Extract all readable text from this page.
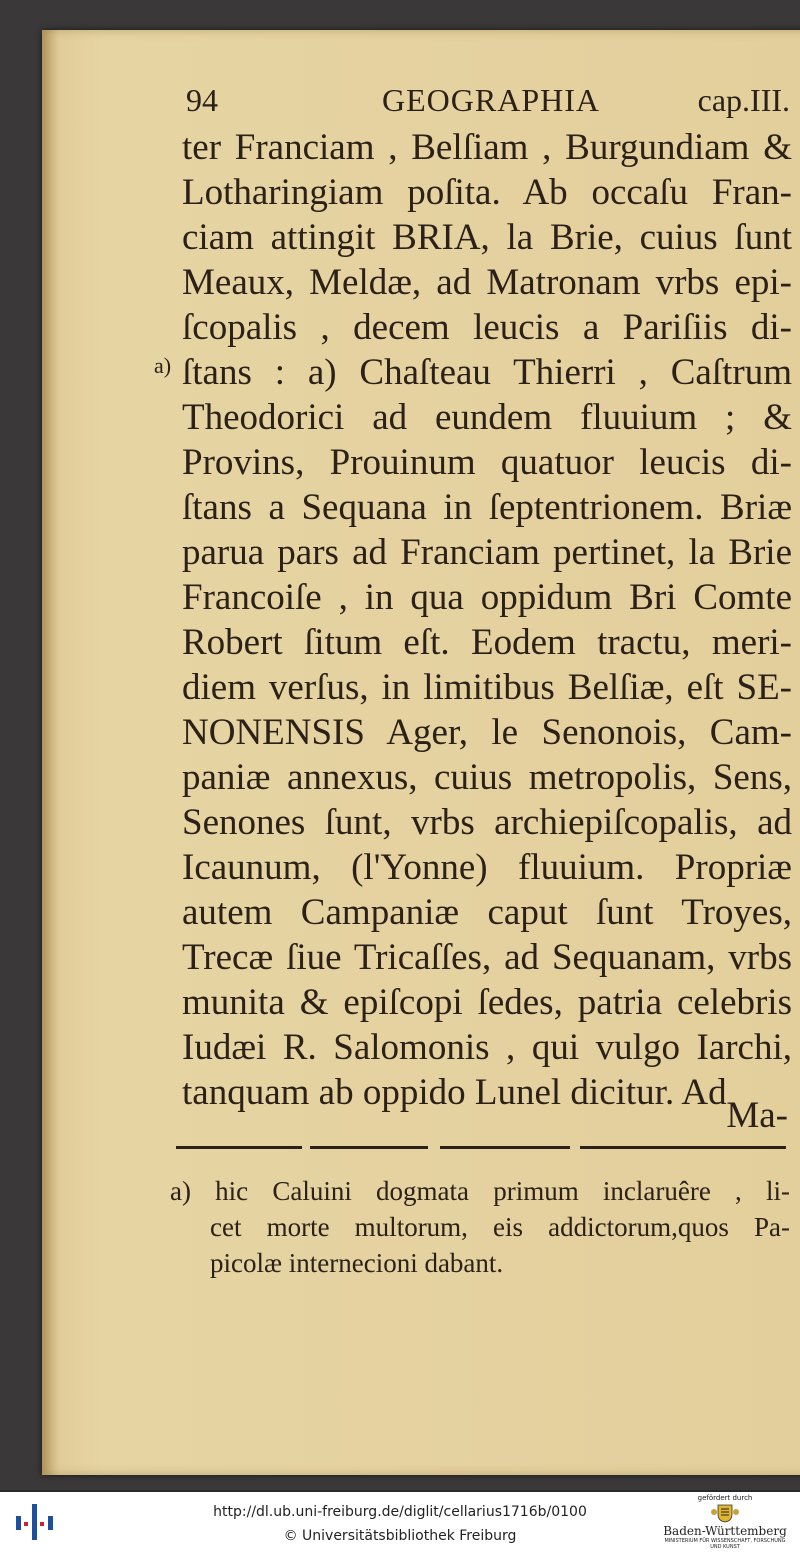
94	GEOGRAPHIA	cap.III.
a)
ter Franciam , Belſiam , Burgundiam &
Lotharingiam poſita. Ab occaſu Fran-
ciam attingit BRIA, la Brie, cuius ſunt
Meaux, Meldæ, ad Matronam vrbs epi-
ſcopalis , decem leucis a Pariſiis di-
ſtans : a) Chaſteau Thierri , Caſtrum
Theodorici ad eundem fluuium ; &
Provins, Prouinum quatuor leucis di-
ſtans a Sequana in ſeptentrionem. Briæ
parua pars ad Franciam pertinet, la Brie
Francoiſe , in qua oppidum Bri Comte
Robert ſitum eſt. Eodem tractu, meri-
diem verſus, in limitibus Belſiæ, eſt SE-
NONENSIS Ager, le Senonois, Cam-
paniæ annexus, cuius metropolis, Sens,
Senones ſunt, vrbs archiepiſcopalis, ad
Icaunum, (l'Yonne) fluuium. Propriæ
autem Campaniæ caput ſunt Troyes,
Trecæ ſiue Tricaſſes, ad Sequanam, vrbs
munita & epiſcopi ſedes, patria celebris
Iudæi R. Salomonis , qui vulgo Iarchi,
tanquam ab oppido Lunel dicitur. Ad
Ma-
a) hic Caluini dogmata primum inclaruêre , li-
cet morte multorum, eis addictorum,quos Pa-
picolæ internecioni dabant.
http://dl.ub.uni-freiburg.de/diglit/cellarius1716b/0100
© Universitätsbibliothek Freiburg
gefördert durch
Baden-Württemberg
MINISTERIUM FÜR WISSENSCHAFT, FORSCHUNG UND KUNST
